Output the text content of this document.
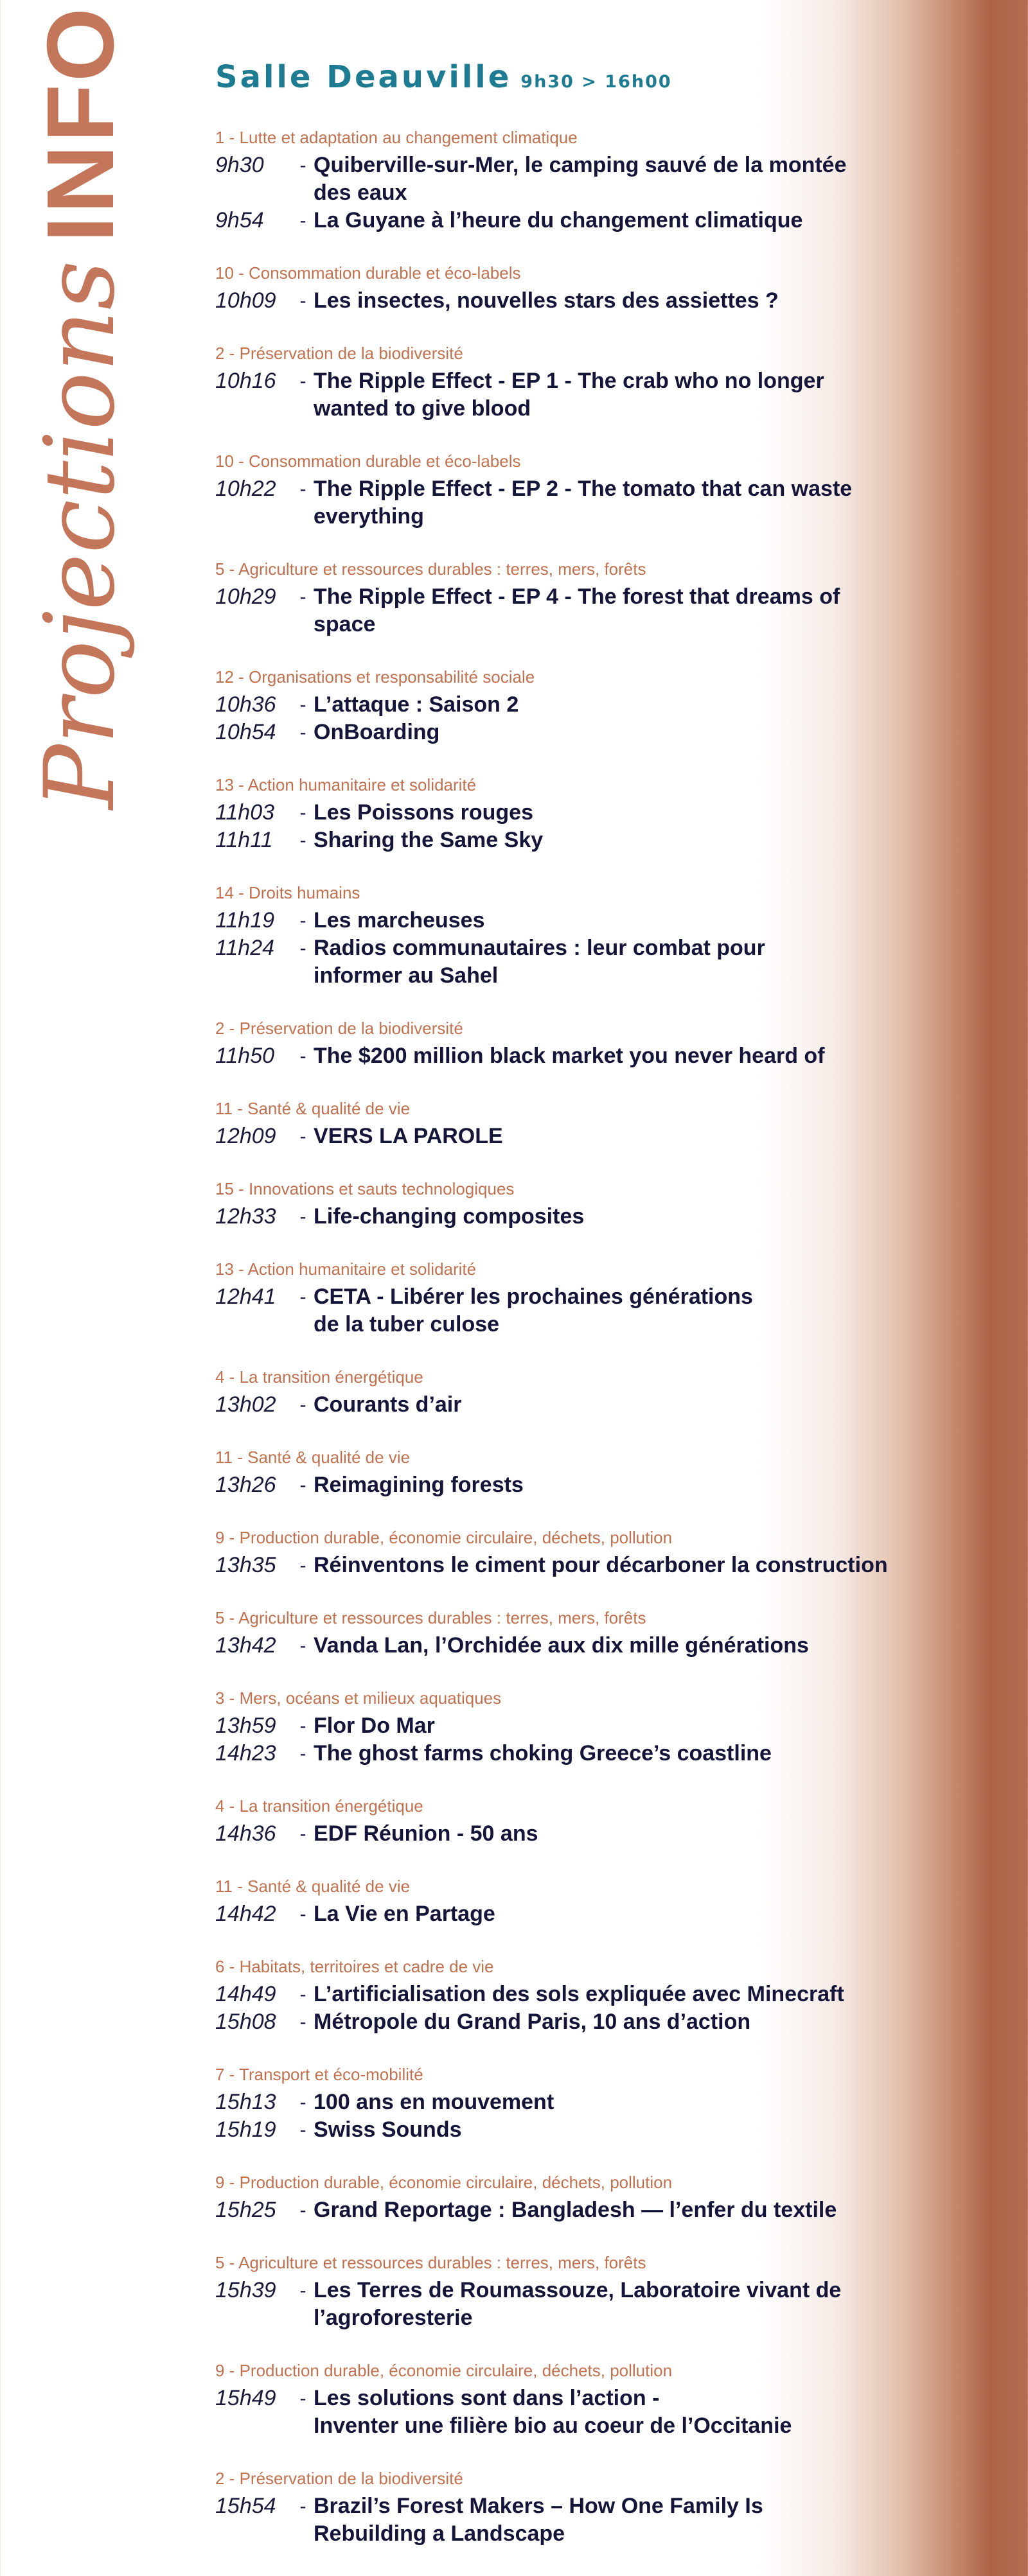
ProjectionsINFO	Salle Deauville 9h30 > 16h00
1 - Lutte et adaptation au changement climatique
9h30	- Quiberville-sur-Mer, le camping sauvé de la montée
des eaux
9h54	- La Guyane à l’heure du changement climatique
10 - Consommation durable et éco-labels
10h09	- Les insectes, nouvelles stars des assiettes ?
2 - Préservation de la biodiversité
10h16	- The Ripple Effect - EP 1 - The crab who no longer
wanted to give blood
10 - Consommation durable et éco-labels
10h22	- The Ripple Effect - EP 2 - The tomato that can waste
everything
5 - Agriculture et ressources durables : terres, mers, forêts
10h29	- The Ripple Effect - EP 4 - The forest that dreams of
space
12 - Organisations et responsabilité sociale
10h36	- L’attaque : Saison 2
10h54	- OnBoarding
13 - Action humanitaire et solidarité
11h03	- Les Poissons rouges
11h11	- Sharing the Same Sky
14 - Droits humains
11h19	- Les marcheuses
11h24	- Radios communautaires : leur combat pour
informer au Sahel
2 - Préservation de la biodiversité
11h50	- The $200 million black market you never heard of
11 - Santé & qualité de vie
12h09	- VERS LA PAROLE
15 - Innovations et sauts technologiques
12h33	- Life-changing composites
13 - Action humanitaire et solidarité
12h41	- CETA - Libérer les prochaines générations
de la tuber culose
4 - La transition énergétique
13h02	- Courants d’air
11 - Santé & qualité de vie
13h26	- Reimagining forests
9 - Production durable, économie circulaire, déchets, pollution
13h35	- Réinventons le ciment pour décarboner la construction
5 - Agriculture et ressources durables : terres, mers, forêts
13h42	- Vanda Lan, l’Orchidée aux dix mille générations
3 - Mers, océans et milieux aquatiques
13h59	- Flor Do Mar
14h23	- The ghost farms choking Greece’s coastline
4 - La transition énergétique
14h36	- EDF Réunion - 50 ans
11 - Santé & qualité de vie
14h42	- La Vie en Partage
6 - Habitats, territoires et cadre de vie
14h49	- L’artificialisation des sols expliquée avec Minecraft
15h08	- Métropole du Grand Paris, 10 ans d’action
7 - Transport et éco-mobilité
15h13	- 100 ans en mouvement
15h19	- Swiss Sounds
9 - Production durable, économie circulaire, déchets, pollution
15h25	- Grand Reportage : Bangladesh — l’enfer du textile
5 - Agriculture et ressources durables : terres, mers, forêts
15h39	- Les Terres de Roumassouze, Laboratoire vivant de
l’agroforesterie
9 - Production durable, économie circulaire, déchets, pollution
15h49	- Les solutions sont dans l’action -
Inventer une filière bio au coeur de l’Occitanie
2 - Préservation de la biodiversité
15h54	- Brazil’s Forest Makers – How One Family Is
Rebuilding a Landscape
